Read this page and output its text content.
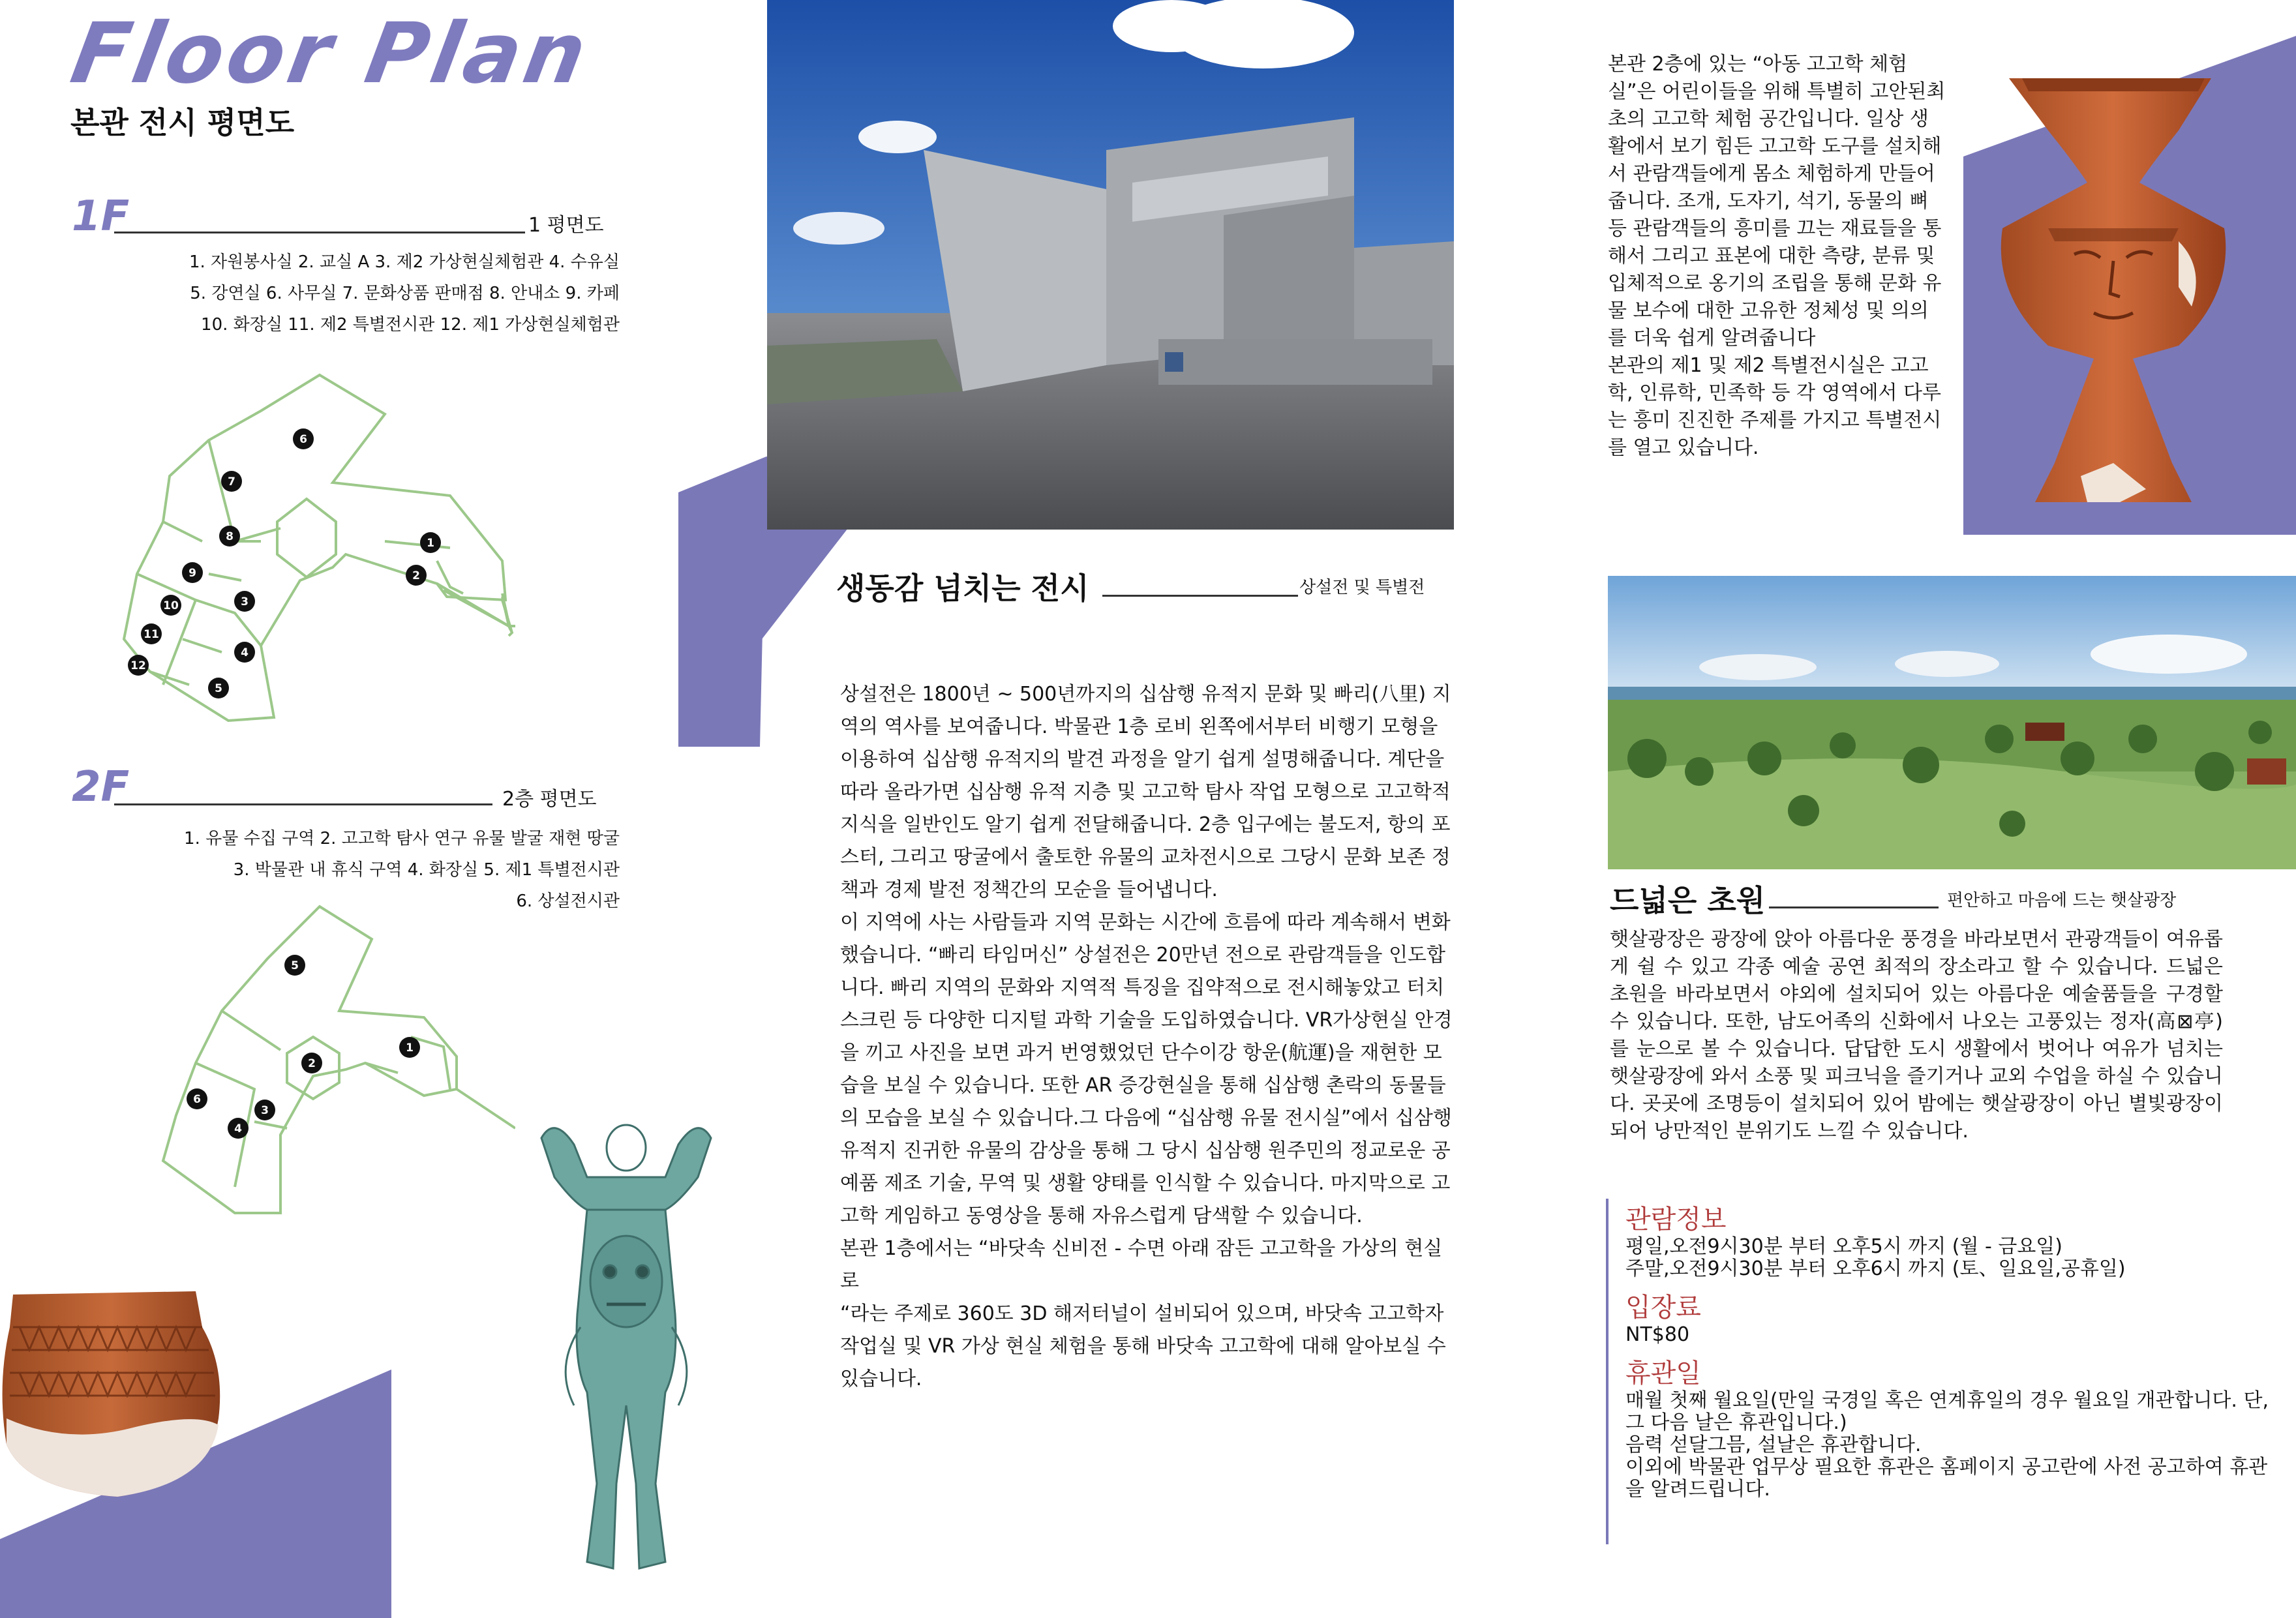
Floor Plan
본관 전시 평면도
1F	1 평면도
1. 자원봉사실 2. 교실 A 3. 제2 가상현실체험관 4. 수유실
5. 강연실 6. 사무실 7. 문화상품 판매점 8. 안내소 9. 카페
10. 화장실 11. 제2 특별전시관 12. 제1 가상현실체험관
6
7
8
9
10
11
12
3
4
5
1
2
2F	2층 평면도
1. 유물 수집 구역 2. 고고학 탐사 연구 유물 발굴 재현 땅굴
3. 박물관 내 휴식 구역 4. 화장실 5. 제1 특별전시관
6. 상설전시관
5
1
2
6
3
4
생동감 넘치는 전시	상설전 및 특별전

상설전은 1800년 ~ 500년까지의 십삼행 유적지 문화 및 빠리(八里) 지역의 역사를 보여줍니다. 박물관 1층 로비 왼쪽에서부터 비행기 모형을 이용하여 십삼행 유적지의 발견 과정을 알기 쉽게 설명해줍니다. 계단을 따라 올라가면 십삼행 유적 지층 및 고고학 탐사 작업 모형으로 고고학적 지식을 일반인도 알기 쉽게 전달해줍니다. 2층 입구에는 불도저, 항의 포스터, 그리고 땅굴에서 출토한 유물의 교차전시으로 그당시 문화 보존 정책과 경제 발전 정책간의 모순을 들어냅니다.

이 지역에 사는 사람들과 지역 문화는 시간에 흐름에 따라 계속해서 변화했습니다. “빠리 타임머신” 상설전은 20만년 전으로 관람객들을 인도합니다. 빠리 지역의 문화와 지역적 특징을 집약적으로 전시해놓았고 터치스크린 등 다양한 디지털 과학 기술을 도입하였습니다. VR가상현실 안경을 끼고 사진을 보면 과거 번영했었던 단수이강 항운(航運)을 재현한 모습을 보실 수 있습니다. 또한 AR 증강현실을 통해 십삼행 촌락의 동물들의 모습을 보실 수 있습니다.그 다음에 “십삼행 유물 전시실”에서 십삼행 유적지 진귀한 유물의 감상을 통해 그 당시 십삼행 원주민의 정교로운 공예품 제조 기술, 무역 및 생활 양태를 인식할 수 있습니다. 마지막으로 고고학 게임하고 동영상을 통해 자유스럽게 담색할 수 있습니다.

본관 1층에서는 “바닷속 신비전 - 수면 아래 잠든 고고학을 가상의 현실로

“라는 주제로 360도 3D 해저터널이 설비되어 있으며, 바닷속 고고학자 작업실 및 VR 가상 현실 체험을 통해 바닷속 고고학에 대해 알아보실 수 있습니다.

본관 2층에 있는 “아동 고고학 체험실”은 어린이들을 위해 특별히 고안된최초의 고고학 체험 공간입니다. 일상 생활에서 보기 힘든 고고학 도구를 설치해서 관람객들에게 몸소 체험하게 만들어줍니다. 조개, 도자기, 석기, 동물의 뼈 등 관람객들의 흥미를 끄는 재료들을 통해서 그리고 표본에 대한 측량, 분류 및 입체적으로 옹기의 조립을 통해 문화 유물 보수에 대한 고유한 정체성 및 의의를 더욱 쉽게 알려줍니다

본관의 제1 및 제2 특별전시실은 고고학, 인류학, 민족학 등 각 영역에서 다루는 흥미 진진한 주제를 가지고 특별전시를 열고 있습니다.

드넓은 초원	편안하고 마음에 드는 햇살광장

햇살광장은 광장에 앉아 아름다운 풍경을 바라보면서 관광객들이 여유롭게 쉴 수 있고 각종 예술 공연 최적의 장소라고 할 수 있습니다. 드넓은 초원을 바라보면서 야외에 설치되어 있는 아름다운 예술품들을 구경할 수 있습니다. 또한, 남도어족의 신화에서 나오는 고풍있는 정자(高⊠亭)를 눈으로 볼 수 있습니다. 답답한 도시 생활에서 벗어나 여유가 넘치는 햇살광장에 와서 소풍 및 피크닉을 즐기거나 교외 수업을 하실 수 있습니다. 곳곳에 조명등이 설치되어 있어 밤에는 햇살광장이 아닌 별빛광장이 되어 낭만적인 분위기도 느낄 수 있습니다.

관람정보

평일,오전9시30분 부터 오후5시 까지 (월 - 금요일)

주말,오전9시30분 부터 오후6시 까지 (토、일요일,공휴일)

입장료

NT$80

휴관일

매월 첫째 월요일(만일 국경일 혹은 연계휴일의 경우 월요일 개관합니다. 단, 그 다음 날은 휴관입니다.)

음력 섣달그믐, 설날은 휴관합니다.

이외에 박물관 업무상 필요한 휴관은 홈페이지 공고란에 사전 공고하여 휴관을 알려드립니다.
